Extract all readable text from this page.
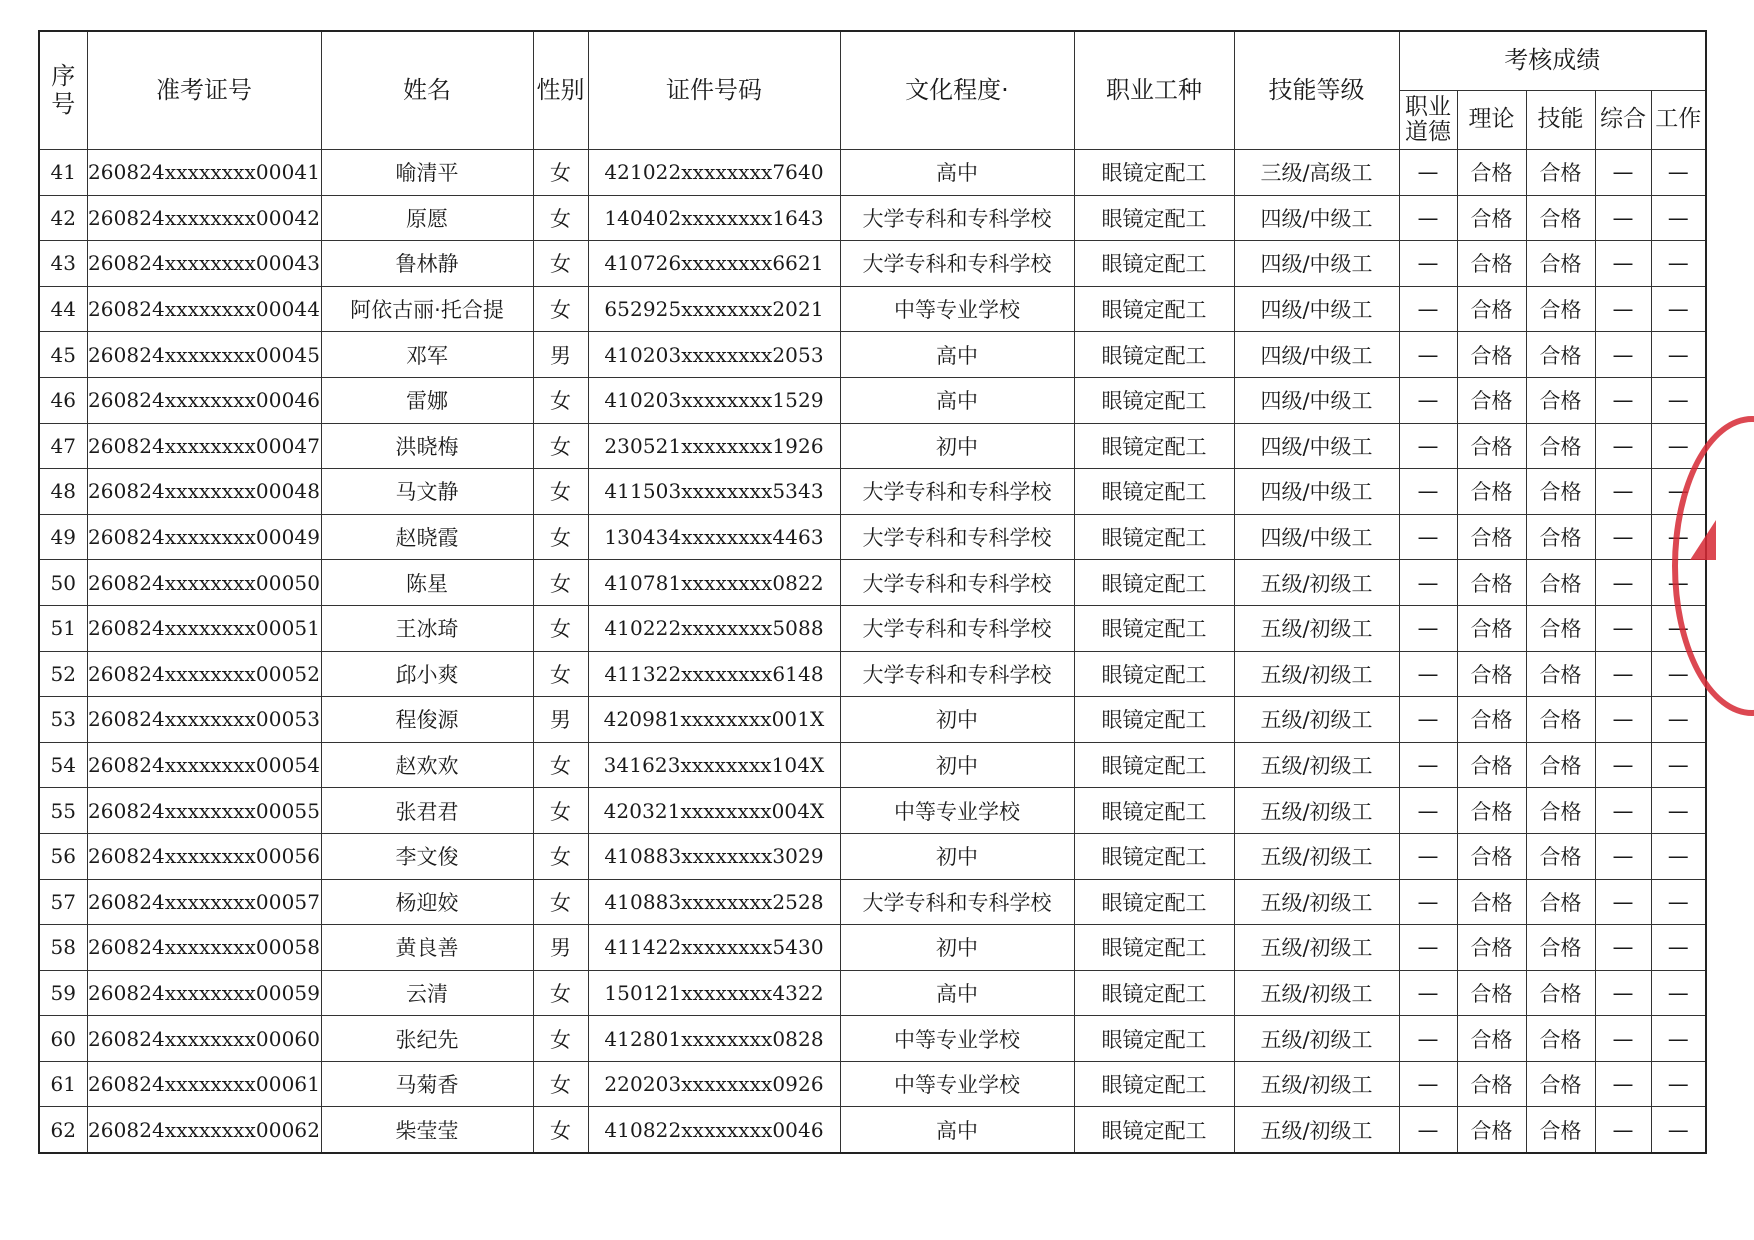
序号	准考证号	姓名	性别	证件号码	文化程度·	职业工种	技能等级	考核成绩				
								职业道德	理论	技能	综合	工作
41	260824xxxxxxxx00041	喻清平	女	421022xxxxxxxx7640	高中	眼镜定配工	三级/高级工	—	合格	合格	—	—
42	260824xxxxxxxx00042	原愿	女	140402xxxxxxxx1643	大学专科和专科学校	眼镜定配工	四级/中级工	—	合格	合格	—	—
43	260824xxxxxxxx00043	鲁林静	女	410726xxxxxxxx6621	大学专科和专科学校	眼镜定配工	四级/中级工	—	合格	合格	—	—
44	260824xxxxxxxx00044	阿依古丽·托合提	女	652925xxxxxxxx2021	中等专业学校	眼镜定配工	四级/中级工	—	合格	合格	—	—
45	260824xxxxxxxx00045	邓军	男	410203xxxxxxxx2053	高中	眼镜定配工	四级/中级工	—	合格	合格	—	—
46	260824xxxxxxxx00046	雷娜	女	410203xxxxxxxx1529	高中	眼镜定配工	四级/中级工	—	合格	合格	—	—
47	260824xxxxxxxx00047	洪晓梅	女	230521xxxxxxxx1926	初中	眼镜定配工	四级/中级工	—	合格	合格	—	—
48	260824xxxxxxxx00048	马文静	女	411503xxxxxxxx5343	大学专科和专科学校	眼镜定配工	四级/中级工	—	合格	合格	—	—
49	260824xxxxxxxx00049	赵晓霞	女	130434xxxxxxxx4463	大学专科和专科学校	眼镜定配工	四级/中级工	—	合格	合格	—	—
50	260824xxxxxxxx00050	陈星	女	410781xxxxxxxx0822	大学专科和专科学校	眼镜定配工	五级/初级工	—	合格	合格	—	—
51	260824xxxxxxxx00051	王冰琦	女	410222xxxxxxxx5088	大学专科和专科学校	眼镜定配工	五级/初级工	—	合格	合格	—	—
52	260824xxxxxxxx00052	邱小爽	女	411322xxxxxxxx6148	大学专科和专科学校	眼镜定配工	五级/初级工	—	合格	合格	—	—
53	260824xxxxxxxx00053	程俊源	男	420981xxxxxxxx001X	初中	眼镜定配工	五级/初级工	—	合格	合格	—	—
54	260824xxxxxxxx00054	赵欢欢	女	341623xxxxxxxx104X	初中	眼镜定配工	五级/初级工	—	合格	合格	—	—
55	260824xxxxxxxx00055	张君君	女	420321xxxxxxxx004X	中等专业学校	眼镜定配工	五级/初级工	—	合格	合格	—	—
56	260824xxxxxxxx00056	李文俊	女	410883xxxxxxxx3029	初中	眼镜定配工	五级/初级工	—	合格	合格	—	—
57	260824xxxxxxxx00057	杨迎姣	女	410883xxxxxxxx2528	大学专科和专科学校	眼镜定配工	五级/初级工	—	合格	合格	—	—
58	260824xxxxxxxx00058	黄良善	男	411422xxxxxxxx5430	初中	眼镜定配工	五级/初级工	—	合格	合格	—	—
59	260824xxxxxxxx00059	云清	女	150121xxxxxxxx4322	高中	眼镜定配工	五级/初级工	—	合格	合格	—	—
60	260824xxxxxxxx00060	张纪先	女	412801xxxxxxxx0828	中等专业学校	眼镜定配工	五级/初级工	—	合格	合格	—	—
61	260824xxxxxxxx00061	马菊香	女	220203xxxxxxxx0926	中等专业学校	眼镜定配工	五级/初级工	—	合格	合格	—	—
62	260824xxxxxxxx00062	柴莹莹	女	410822xxxxxxxx0046	高中	眼镜定配工	五级/初级工	—	合格	合格	—	—
